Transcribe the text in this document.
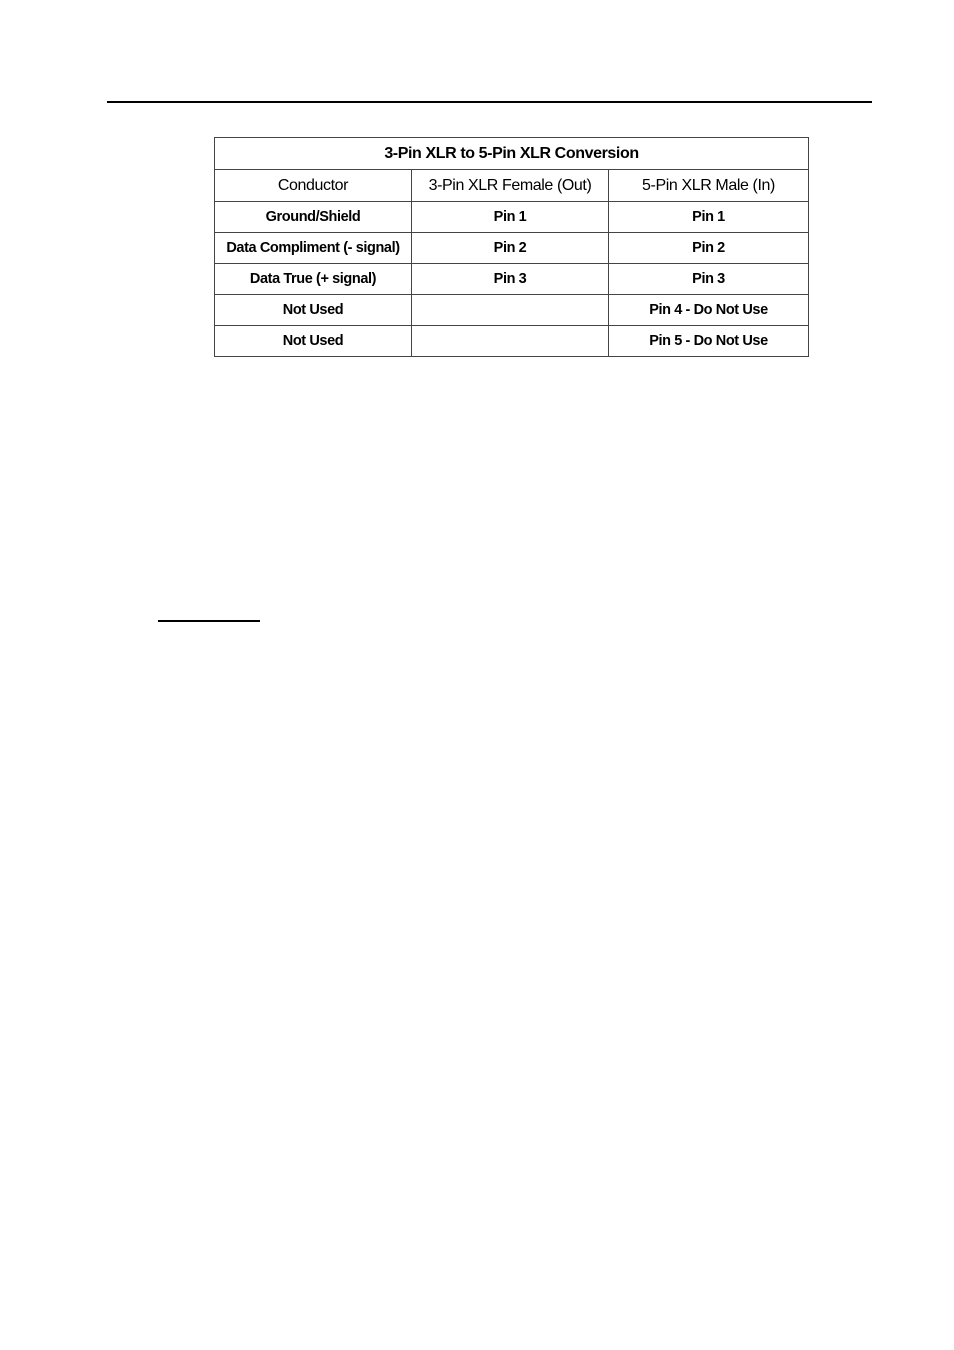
3-Pin XLR to 5-Pin XLR Conversion		
Conductor	3-Pin XLR Female (Out)	5-Pin XLR Male (In)
Ground/Shield	Pin 1	Pin 1
Data Compliment (- signal)	Pin 2	Pin 2
Data True (+ signal)	Pin 3	Pin 3
Not Used		Pin 4 - Do Not Use
Not Used		Pin 5 - Do Not Use
